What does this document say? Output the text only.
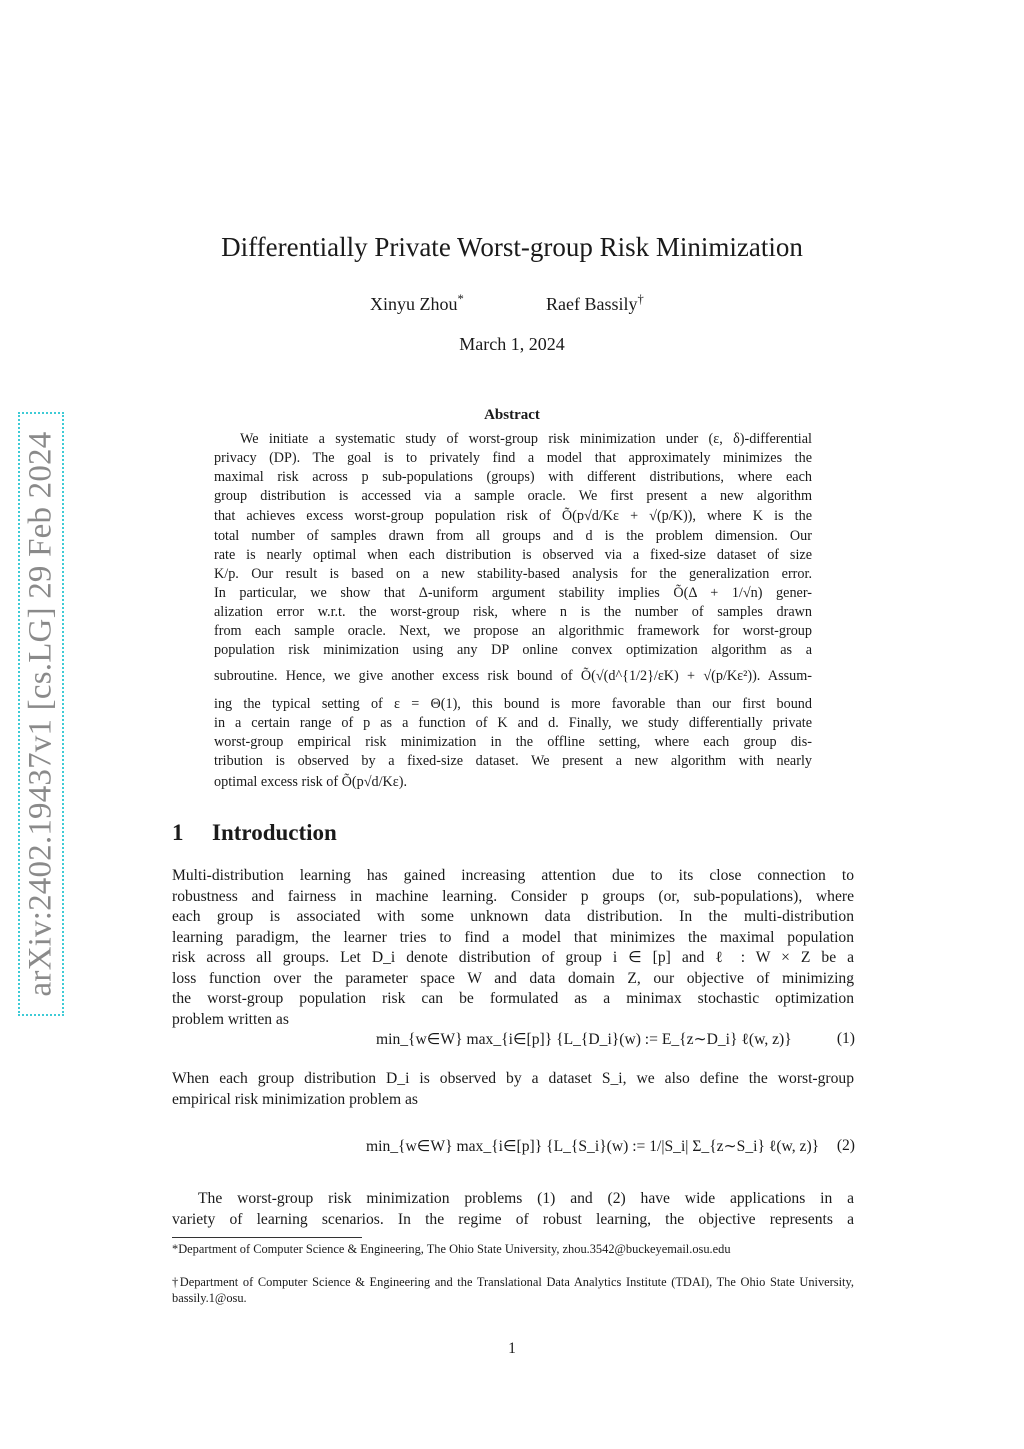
arXiv:2402.19437v1 [cs.LG] 29 Feb 2024
Differentially Private Worst-group Risk Minimization
Xinyu Zhou*	Raef Bassily†
March 1, 2024
Abstract
We initiate a systematic study of worst-group risk minimization under (ε, δ)-differential
privacy (DP). The goal is to privately find a model that approximately minimizes the
maximal risk across p sub-populations (groups) with different distributions, where each
group distribution is accessed via a sample oracle. We first present a new algorithm
that achieves excess worst-group population risk of Õ(p√d/Kε + √(p/K)), where K is the
total number of samples drawn from all groups and d is the problem dimension. Our
rate is nearly optimal when each distribution is observed via a fixed-size dataset of size
K/p. Our result is based on a new stability-based analysis for the generalization error.
In particular, we show that Δ-uniform argument stability implies Õ(Δ + 1/√n) gener-
alization error w.r.t. the worst-group risk, where n is the number of samples drawn
from each sample oracle. Next, we propose an algorithmic framework for worst-group
population risk minimization using any DP online convex optimization algorithm as a
subroutine. Hence, we give another excess risk bound of Õ(√(d^{1/2}/εK) + √(p/Kε²)). Assum-
ing the typical setting of ε = Θ(1), this bound is more favorable than our first bound
in a certain range of p as a function of K and d. Finally, we study differentially private
worst-group empirical risk minimization in the offline setting, where each group dis-
tribution is observed by a fixed-size dataset. We present a new algorithm with nearly
optimal excess risk of Õ(p√d/Kε).
1 Introduction
Multi-distribution learning has gained increasing attention due to its close connection to
robustness and fairness in machine learning. Consider p groups (or, sub-populations), where
each group is associated with some unknown data distribution. In the multi-distribution
learning paradigm, the learner tries to find a model that minimizes the maximal population
risk across all groups. Let D_i denote distribution of group i ∈ [p] and ℓ : W × Z be a
loss function over the parameter space W and data domain Z, our objective of minimizing
the worst-group population risk can be formulated as a minimax stochastic optimization
problem written as
min_{w∈W} max_{i∈[p]} {L_{D_i}(w) := E_{z∼D_i} ℓ(w, z)}	(1)
When each group distribution D_i is observed by a dataset S_i, we also define the worst-group
empirical risk minimization problem as
min_{w∈W} max_{i∈[p]} {L_{S_i}(w) := 1/|S_i| Σ_{z∼S_i} ℓ(w, z)}	(2)
The worst-group risk minimization problems (1) and (2) have wide applications in a
variety of learning scenarios. In the regime of robust learning, the objective represents a
*Department of Computer Science & Engineering, The Ohio State University, zhou.3542@buckeyemail.osu.edu
†Department of Computer Science & Engineering and the Translational Data Analytics Institute (TDAI), The Ohio State University, bassily.1@osu.
1
